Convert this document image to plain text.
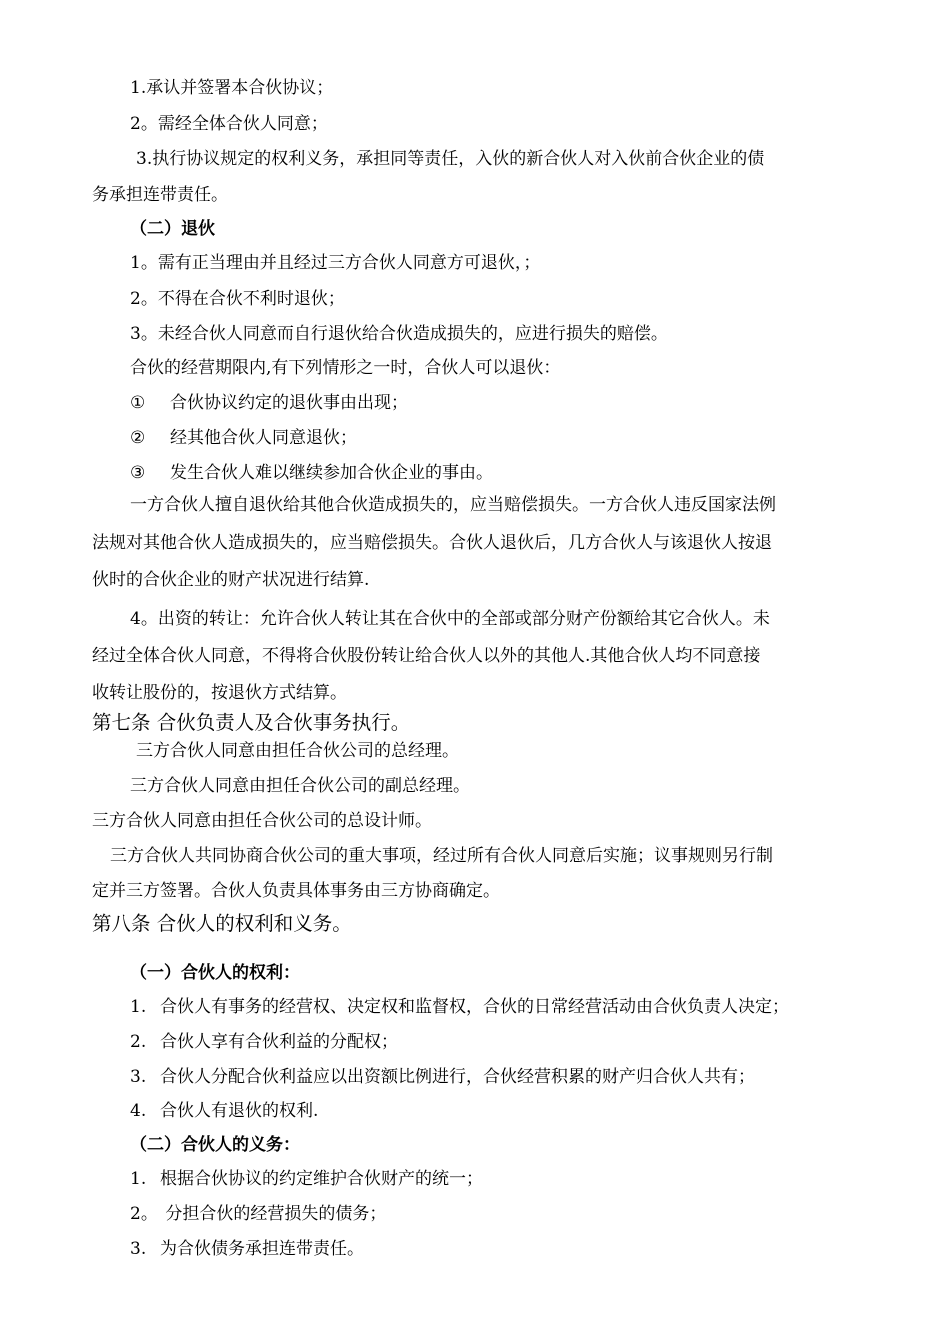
1.承认并签署本合伙协议；
2。需经全体合伙人同意；
3.执行协议规定的权利义务，承担同等责任，入伙的新合伙人对入伙前合伙企业的债
务承担连带责任。
（二）退伙
1。需有正当理由并且经过三方合伙人同意方可退伙，；
2。不得在合伙不利时退伙；
3。未经合伙人同意而自行退伙给合伙造成损失的，应进行损失的赔偿。
合伙的经营期限内,有下列情形之一时，合伙人可以退伙：
① 合伙协议约定的退伙事由出现；
② 经其他合伙人同意退伙；
③ 发生合伙人难以继续参加合伙企业的事由。
一方合伙人擅自退伙给其他合伙造成损失的，应当赔偿损失。一方合伙人违反国家法例
法规对其他合伙人造成损失的，应当赔偿损失。合伙人退伙后，几方合伙人与该退伙人按退
伙时的合伙企业的财产状况进行结算.
4。出资的转让：允许合伙人转让其在合伙中的全部或部分财产份额给其它合伙人。未
经过全体合伙人同意，不得将合伙股份转让给合伙人以外的其他人.其他合伙人均不同意接
收转让股份的，按退伙方式结算。
第七条 合伙负责人及合伙事务执行。
三方合伙人同意由担任合伙公司的总经理。
三方合伙人同意由担任合伙公司的副总经理。
三方合伙人同意由担任合伙公司的总设计师。
三方合伙人共同协商合伙公司的重大事项，经过所有合伙人同意后实施；议事规则另行制
定并三方签署。合伙人负责具体事务由三方协商确定。
第八条 合伙人的权利和义务。
（一）合伙人的权利：
1. 合伙人有事务的经营权、决定权和监督权，合伙的日常经营活动由合伙负责人决定；
2. 合伙人享有合伙利益的分配权；
3. 合伙人分配合伙利益应以出资额比例进行，合伙经营积累的财产归合伙人共有；
4. 合伙人有退伙的权利.
（二）合伙人的义务：
1. 根据合伙协议的约定维护合伙财产的统一；
2。 分担合伙的经营损失的债务；
3. 为合伙债务承担连带责任。
